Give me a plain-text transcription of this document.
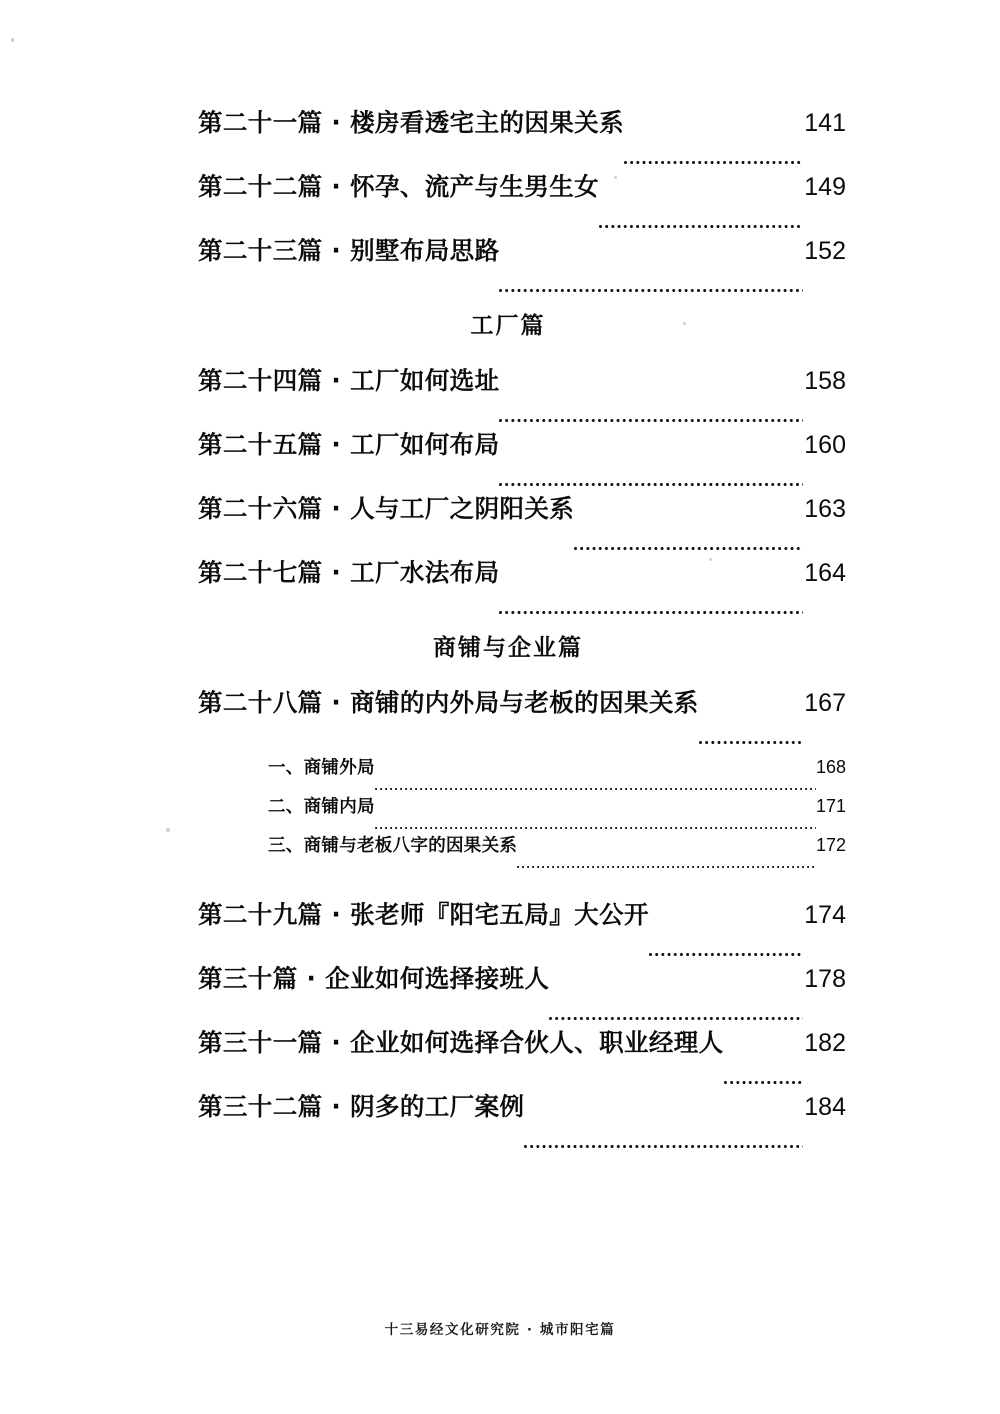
第二十一篇 · 楼房看透宅主的因果关系	141
第二十二篇 · 怀孕、流产与生男生女	149
第二十三篇 · 别墅布局思路	152
工厂篇
第二十四篇 · 工厂如何选址	158
第二十五篇 · 工厂如何布局	160
第二十六篇 · 人与工厂之阴阳关系	163
第二十七篇 · 工厂水法布局	164
商铺与企业篇
第二十八篇 · 商铺的内外局与老板的因果关系	167
一、商铺外局	168
二、商铺内局	171
三、商铺与老板八字的因果关系	172
第二十九篇 · 张老师『阳宅五局』大公开	174
第三十篇 · 企业如何选择接班人	178
第三十一篇 · 企业如何选择合伙人、职业经理人	182
第三十二篇 · 阴多的工厂案例	184
十三易经文化研究院 · 城市阳宅篇
